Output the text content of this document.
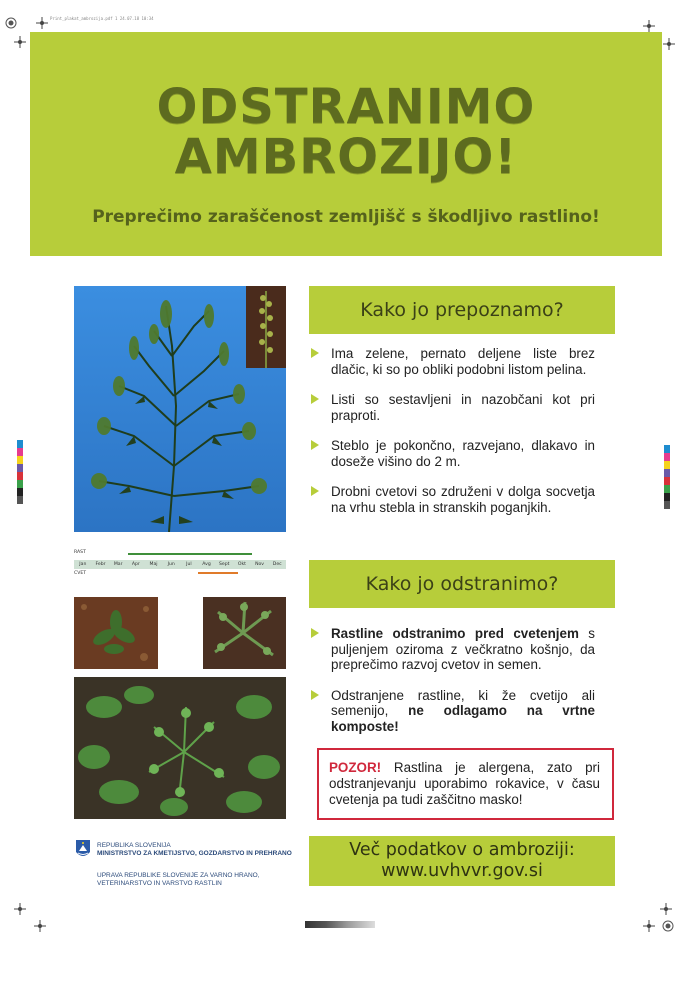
Print_plakat_ambrozija.pdf 1 24.07.18 10:34
ODSTRANIMO
AMBROZIJO!
Preprečimo zaraščenost zemljišč s škodljivo rastlino!
RAST
Jan	Febr	Mar	Apr	Maj	Jun	Jul	Avg	Sept	Okt	Nov	Dec
CVET
REPUBLIKA SLOVENIJA
MINISTRSTVO ZA KMETIJSTVO, GOZDARSTVO IN PREHRANO
UPRAVA REPUBLIKE SLOVENIJE ZA VARNO HRANO,
VETERINARSTVO IN VARSTVO RASTLIN
Kako jo prepoznamo?
Ima zelene, pernato deljene liste brez dlačic, ki so po obliki podobni listom pelina.
Listi so sestavljeni in nazobčani kot pri praproti.
Steblo je pokončno, razvejano, dlakavo in doseže višino do 2 m.
Drobni cvetovi so združeni v dolga socvetja na vrhu stebla in stranskih poganjkih.
Kako jo odstranimo?
Rastline odstranimo pred cvetenjem s puljenjem oziroma z večkratno košnjo, da preprečimo razvoj cvetov in semen.
Odstranjene rastline, ki že cvetijo ali semenijo, ne odlagamo na vrtne komposte!
POZOR! Rastlina je alergena, zato pri odstranjevanju uporabimo rokavice, v času cvetenja pa tudi zaščitno masko!
Več podatkov o ambroziji:
www.uvhvvr.gov.si
